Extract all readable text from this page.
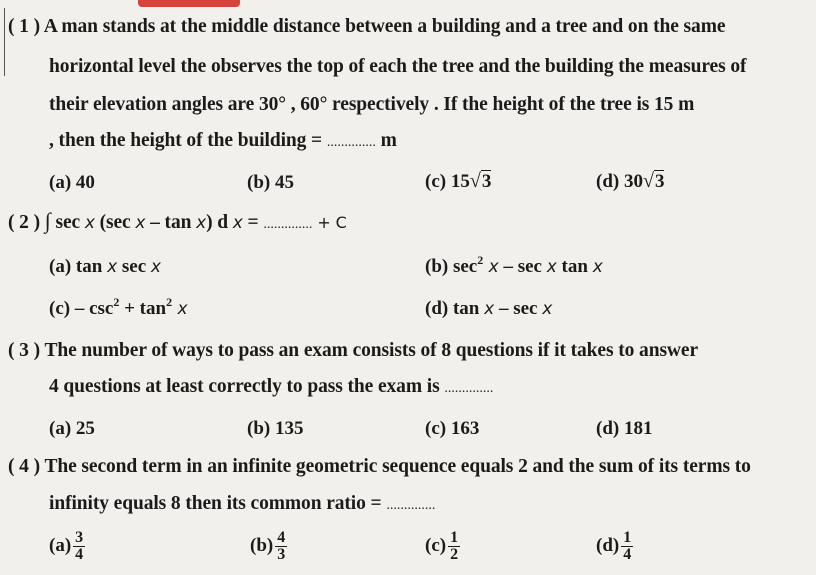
( 1 ) A man stands at the middle distance between a building and a tree and on the same
horizontal level the observes the top of each the tree and the building the measures of
their elevation angles are 30° , 60° respectively . If the height of the tree is 15 m
, then the height of the building = .............. m
(a) 40	(b) 45	(c) 15√3	(d) 30√3
( 2 ) ∫ sec x (sec x – tan x) d x = .............. + C
(a) tan x sec x	(b) $\sec^2 x$ – sec x tan x
$(c) - \csc^2 + \tan^2 x$	(d) tan x – sec x
( 3 ) The number of ways to pass an exam consists of 8 questions if it takes to answer
4 questions at least correctly to pass the exam is ..............
(a) 25	(b) 135	(c) 163	(d) 181
( 4 ) The second term in an infinite geometric sequence equals 2 and the sum of its terms to
infinity equals 8 then its common ratio = ..............
$(a) \frac{3}{4}$	$(b) \frac{4}{3}$	$(c) \frac{1}{2}$	$(d) \frac{1}{4}$
